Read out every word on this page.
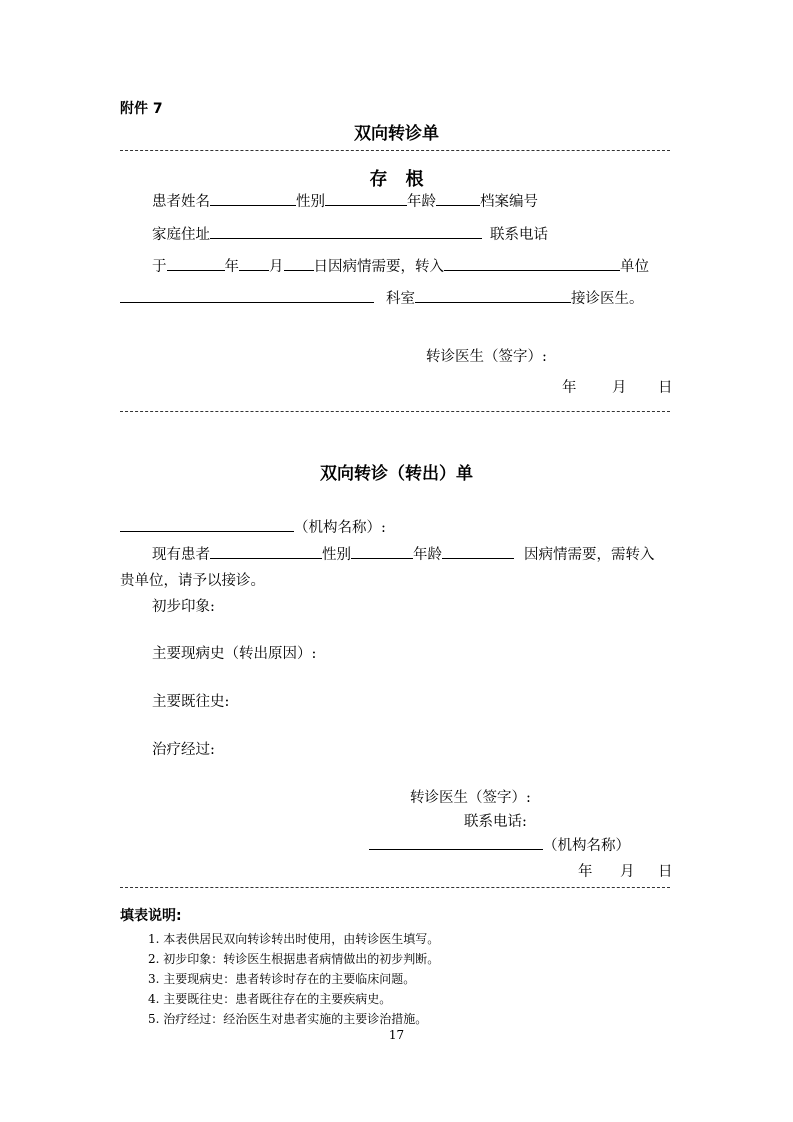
附件 7
双向转诊单
存　根
患者姓名	性别	年龄	档案编号
家庭住址	联系电话
于	年 月 日因病情需要，转入	单位
科室	接诊医生。
转诊医生（签字）:
年 月 日
双向转诊（转出）单
（机构名称）:
现有患者	性别	年龄	因病情需要，需转入
贵单位，请予以接诊。
初步印象:
主要现病史（转出原因）:
主要既往史:
治疗经过:
转诊医生（签字）:
联系电话:
（机构名称）
年 月 日
填表说明:
1. 本表供居民双向转诊转出时使用，由转诊医生填写。
2. 初步印象：转诊医生根据患者病情做出的初步判断。
3. 主要现病史：患者转诊时存在的主要临床问题。
4. 主要既往史：患者既往存在的主要疾病史。
5. 治疗经过：经治医生对患者实施的主要诊治措施。
17
